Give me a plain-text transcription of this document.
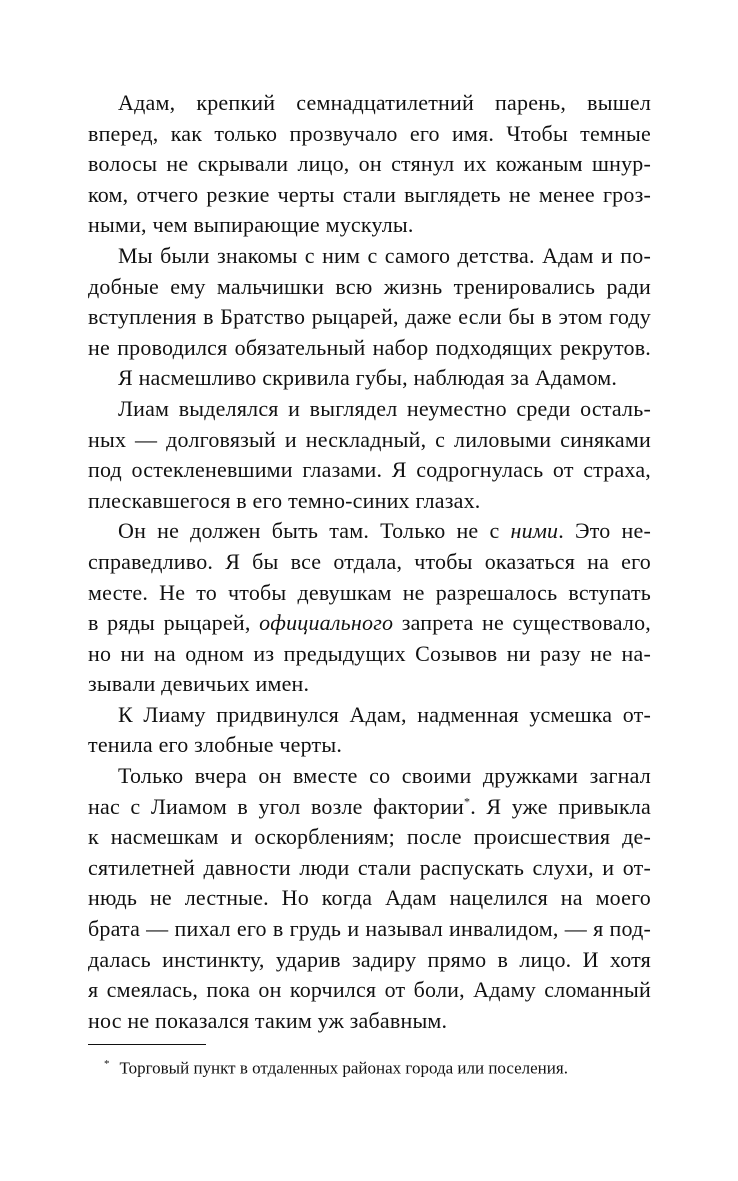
Адам, крепкий семнадцатилетний парень, вышел
вперед, как только прозвучало его имя. Чтобы темные
волосы не скрывали лицо, он стянул их кожаным шнур-
ком, отчего резкие черты стали выглядеть не менее гроз-
ными, чем выпирающие мускулы.
Мы были знакомы с ним с самого детства. Адам и по-
добные ему мальчишки всю жизнь тренировались ради
вступления в Братство рыцарей, даже если бы в этом году
не проводился обязательный набор подходящих рекрутов.
Я насмешливо скривила губы, наблюдая за Адамом.
Лиам выделялся и выглядел неуместно среди осталь-
ных — долговязый и нескладный, с лиловыми синяками
под остекленевшими глазами. Я содрогнулась от страха,
плескавшегося в его темно-синих глазах.
Он не должен быть там. Только не с ними. Это не-
справедливо. Я бы все отдала, чтобы оказаться на его
месте. Не то чтобы девушкам не разрешалось вступать
в ряды рыцарей, официального запрета не существовало,
но ни на одном из предыдущих Созывов ни разу не на-
зывали девичьих имен.
К Лиаму придвинулся Адам, надменная усмешка от-
тенила его злобные черты.
Только вчера он вместе со своими дружками загнал
нас с Лиамом в угол возле фактории*. Я уже привыкла
к насмешкам и оскорблениям; после происшествия де-
сятилетней давности люди стали распускать слухи, и от-
нюдь не лестные. Но когда Адам нацелился на моего
брата — пихал его в грудь и называл инвалидом, — я под-
далась инстинкту, ударив задиру прямо в лицо. И хотя
я смеялась, пока он корчился от боли, Адаму сломанный
нос не показался таким уж забавным.
* Торговый пункт в отдаленных районах города или поселения.
